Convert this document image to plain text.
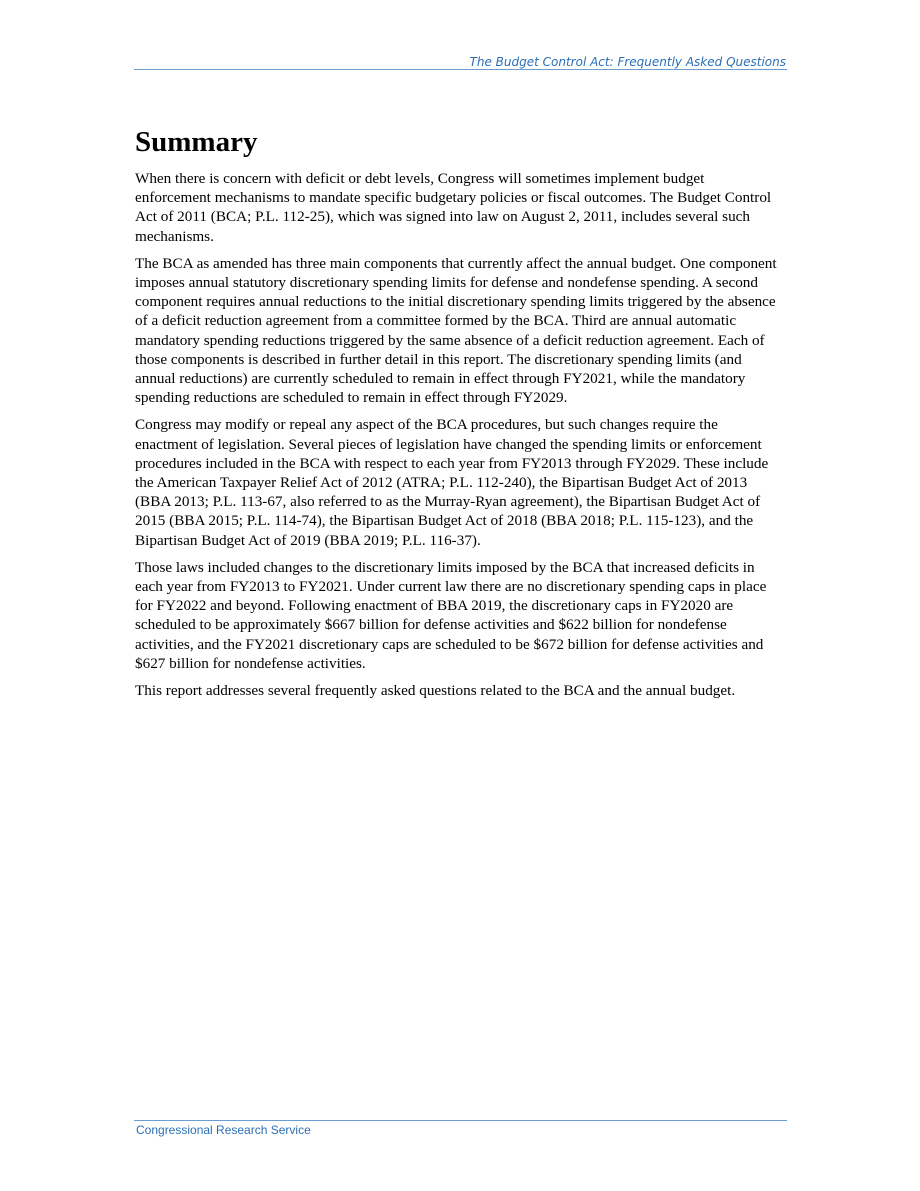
The Budget Control Act: Frequently Asked Questions
Summary

When there is concern with deficit or debt levels, Congress will sometimes implement budget enforcement mechanisms to mandate specific budgetary policies or fiscal outcomes. The Budget Control Act of 2011 (BCA; P.L. 112-25), which was signed into law on August 2, 2011, includes several such mechanisms.

The BCA as amended has three main components that currently affect the annual budget. One component imposes annual statutory discretionary spending limits for defense and nondefense spending. A second component requires annual reductions to the initial discretionary spending limits triggered by the absence of a deficit reduction agreement from a committee formed by the BCA. Third are annual automatic mandatory spending reductions triggered by the same absence of a deficit reduction agreement. Each of those components is described in further detail in this report. The discretionary spending limits (and annual reductions) are currently scheduled to remain in effect through FY2021, while the mandatory spending reductions are scheduled to remain in effect through FY2029.

Congress may modify or repeal any aspect of the BCA procedures, but such changes require the enactment of legislation. Several pieces of legislation have changed the spending limits or enforcement procedures included in the BCA with respect to each year from FY2013 through FY2029. These include the American Taxpayer Relief Act of 2012 (ATRA; P.L. 112-240), the Bipartisan Budget Act of 2013 (BBA 2013; P.L. 113-67, also referred to as the Murray-Ryan agreement), the Bipartisan Budget Act of 2015 (BBA 2015; P.L. 114-74), the Bipartisan Budget Act of 2018 (BBA 2018; P.L. 115-123), and the Bipartisan Budget Act of 2019 (BBA 2019; P.L. 116-37).

Those laws included changes to the discretionary limits imposed by the BCA that increased deficits in each year from FY2013 to FY2021. Under current law there are no discretionary spending caps in place for FY2022 and beyond. Following enactment of BBA 2019, the discretionary caps in FY2020 are scheduled to be approximately $667 billion for defense activities and $622 billion for nondefense activities, and the FY2021 discretionary caps are scheduled to be $672 billion for defense activities and $627 billion for nondefense activities.

This report addresses several frequently asked questions related to the BCA and the annual budget.

Congressional Research Service
